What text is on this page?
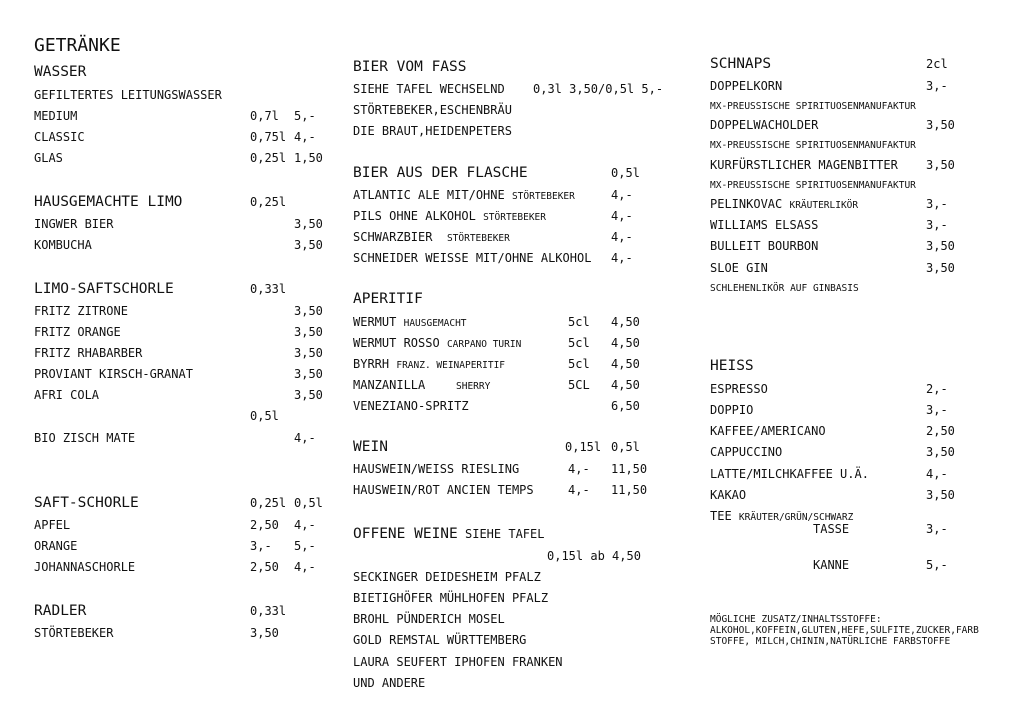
GETRÄNKE
WASSER
GEFILTERTES LEITUNGSWASSER
MEDIUM	0,7l 5,-
CLASSIC	0,75l 4,-
GLAS	0,25l 1,50
HAUSGEMACHTE LIMO	0,25l
INGWER BIER	3,50
KOMBUCHA	3,50
LIMO-SAFTSCHORLE	0,33l
FRITZ ZITRONE	3,50
FRITZ ORANGE	3,50
FRITZ RHABARBER	3,50
PROVIANT KIRSCH-GRANAT	3,50
AFRI COLA	3,50
0,5l
BIO ZISCH MATE	4,-
SAFT-SCHORLE	0,25l 0,5l
APFEL	2,50 4,-
ORANGE	3,- 5,-
JOHANNASCHORLE	2,50 4,-
RADLER	0,33l
STÖRTEBEKER	3,50
BIER VOM FASS
SIEHE TAFEL WECHSELND 0,3l 3,50/0,5l 5,-
STÖRTEBEKER,ESCHENBRÄU
DIE BRAUT,HEIDENPETERS
BIER AUS DER FLASCHE	0,5l
ATLANTIC ALE MIT/OHNE STÖRTEBEKER	4,-
PILS OHNE ALKOHOL STÖRTEBEKER	4,-
SCHWARZBIER STÖRTEBEKER	4,-
SCHNEIDER WEISSE MIT/OHNE ALKOHOL 4,-
APERITIF
WERMUT HAUSGEMACHT	5cl 4,50
WERMUT ROSSO CARPANO TURIN	5cl 4,50
BYRRH FRANZ. WEINAPERITIF	5cl 4,50
MANZANILLA	SHERRY	5CL 4,50
VENEZIANO-SPRITZ	6,50
WEIN	0,15l 0,5l
HAUSWEIN/WEISS RIESLING	4,- 11,50
HAUSWEIN/ROT ANCIEN TEMPS	4,- 11,50
OFFENE WEINE SIEHE TAFEL
0,15l ab 4,50
SECKINGER DEIDESHEIM PFALZ
BIETIGHÖFER MÜHLHOFEN PFALZ
BROHL PÜNDERICH MOSEL
GOLD REMSTAL WÜRTTEMBERG
LAURA SEUFERT IPHOFEN FRANKEN
UND ANDERE
SCHNAPS	2cl
DOPPELKORN	3,-
MX-PREUSSISCHE SPIRITUOSENMANUFAKTUR
DOPPELWACHOLDER	3,50
MX-PREUSSISCHE SPIRITUOSENMANUFAKTUR
KURFÜRSTLICHER MAGENBITTER 3,50
MX-PREUSSISCHE SPIRITUOSENMANUFAKTUR
PELINKOVAC KRÄUTERLIKÖR	3,-
WILLIAMS ELSASS	3,-
BULLEIT BOURBON	3,50
SLOE GIN	3,50
SCHLEHENLIKÖR AUF GINBASIS
HEISS
ESPRESSO	2,-
DOPPIO	3,-
KAFFEE/AMERICANO	2,50
CAPPUCCINO	3,50
LATTE/MILCHKAFFEE U.Ä.	4,-
KAKAO	3,50
TEE KRÄUTER/GRÜN/SCHWARZ
TASSE	3,-
KANNE	5,-
MÖGLICHE ZUSATZ/INHALTSSTOFFE:
ALKOHOL,KOFFEIN,GLUTEN,HEFE,SULFITE,ZUCKER,FARB
STOFFE, MILCH,CHININ,NATÜRLICHE FARBSTOFFE
